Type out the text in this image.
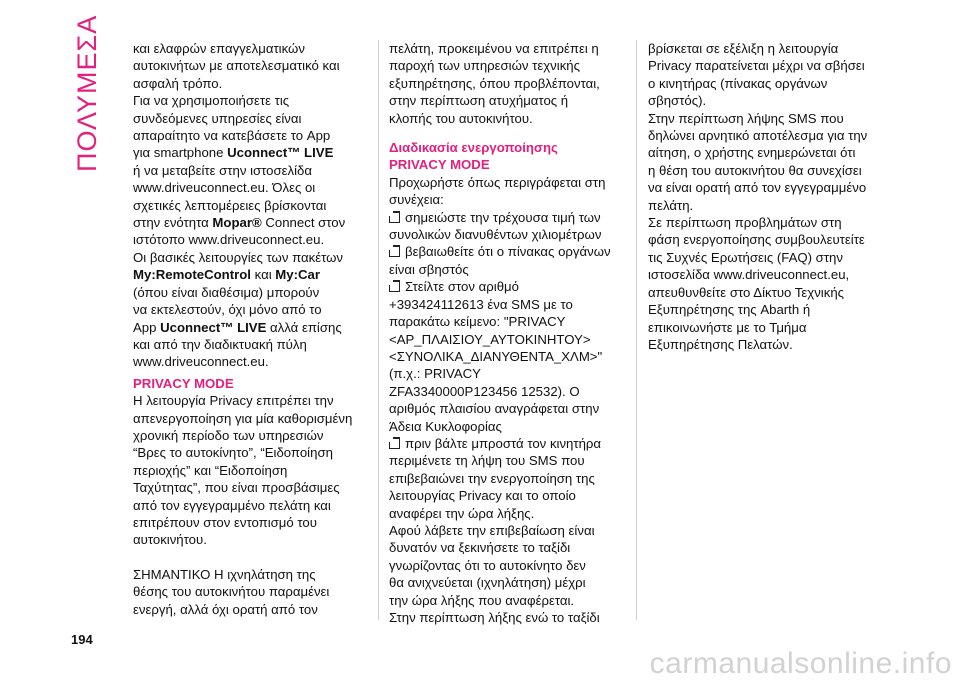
ΠΟΛΥΜΕΣΑ και ελαφρών επαγγελματικών

αυτοκινήτων με αποτελεσματικό και

ασφαλή τρόπο.

Για να χρησιμοποιήσετε τις

συνδεόμενες υπηρεσίες είναι

απαραίτητο να κατεβάσετε το App

για smartphone Uconnect™ LIVE

ή να μεταβείτε στην ιστοσελίδα

www.driveuconnect.eu. Όλες οι

σχετικές λεπτομέρειες βρίσκονται

στην ενότητα Mopar® Connect στον

ιστότοπο www.driveuconnect.eu.

Οι βασικές λειτουργίες των πακέτων

My:RemoteControl και My:Car

(όπου είναι διαθέσιμα) μπορούν

να εκτελεστούν, όχι μόνο από το

App Uconnect™ LIVE αλλά επίσης

και από την διαδικτυακή πύλη

www.driveuconnect.eu.

PRIVACY MODE

Η λειτουργία Privacy επιτρέπει την

απενεργοποίηση για μία καθορισμένη

χρονική περίοδο των υπηρεσιών

“Βρες το αυτοκίνητο”, “Ειδοποίηση

περιοχής” και “Ειδοποίηση

Ταχύτητας”, που είναι προσβάσιμες

από τον εγγεγραμμένο πελάτη και

επιτρέπουν στον εντοπισμό του

αυτοκινήτου.

ΣΗΜΑΝΤΙΚΟ Η ιχνηλάτηση της

θέσης του αυτοκινήτου παραμένει

ενεργή, αλλά όχι ορατή από τον

πελάτη, προκειμένου να επιτρέπει η

παροχή των υπηρεσιών τεχνικής

εξυπηρέτησης, όπου προβλέπονται,

στην περίπτωση ατυχήματος ή

κλοπής του αυτοκινήτου.

Διαδικασία ενεργοποίησης

PRIVACY MODE

Προχωρήστε όπως περιγράφεται στη

συνέχεια:

σημειώστε την τρέχουσα τιμή των

συνολικών διανυθέντων χιλιομέτρων

βεβαιωθείτε ότι ο πίνακας οργάνων

είναι σβηστός

Στείλτε στον αριθμό

+393424112613 ένα SMS με το

παρακάτω κείμενο: "PRIVACY

<ΑΡ_ΠΛΑΙΣΙΟΥ_ΑΥΤΟΚΙΝΗΤΟΥ>

<ΣΥΝΟΛΙΚΑ_ΔΙΑΝΥΘΕΝΤΑ_ΧΛΜ>"

(π.χ.: PRIVACY

ZFA3340000P123456 12532). Ο

αριθμός πλαισίου αναγράφεται στην

Άδεια Κυκλοφορίας

πριν βάλτε μπροστά τον κινητήρα

περιμένετε τη λήψη του SMS που

επιβεβαιώνει την ενεργοποίηση της

λειτουργίας Privacy και το οποίο

αναφέρει την ώρα λήξης.

Αφού λάβετε την επιβεβαίωση είναι

δυνατόν να ξεκινήσετε το ταξίδι

γνωρίζοντας ότι το αυτοκίνητο δεν

θα ανιχνεύεται (ιχνηλάτηση) μέχρι

την ώρα λήξης που αναφέρεται.

Στην περίπτωση λήξης ενώ το ταξίδι

βρίσκεται σε εξέλιξη η λειτουργία

Privacy παρατείνεται μέχρι να σβήσει

ο κινητήρας (πίνακας οργάνων

σβηστός).

Στην περίπτωση λήψης SMS που

δηλώνει αρνητικό αποτέλεσμα για την

αίτηση, ο χρήστης ενημερώνεται ότι

η θέση του αυτοκινήτου θα συνεχίσει

να είναι ορατή από τον εγγεγραμμένο

πελάτη.

Σε περίπτωση προβλημάτων στη

φάση ενεργοποίησης συμβουλευτείτε

τις Συχνές Ερωτήσεις (FAQ) στην

ιστοσελίδα www.driveuconnect.eu,

απευθυνθείτε στο Δίκτυο Τεχνικής

Εξυπηρέτησης της Abarth ή

επικοινωνήστε με το Τμήμα

Εξυπηρέτησης Πελατών.

194
carmanualsonline.info
